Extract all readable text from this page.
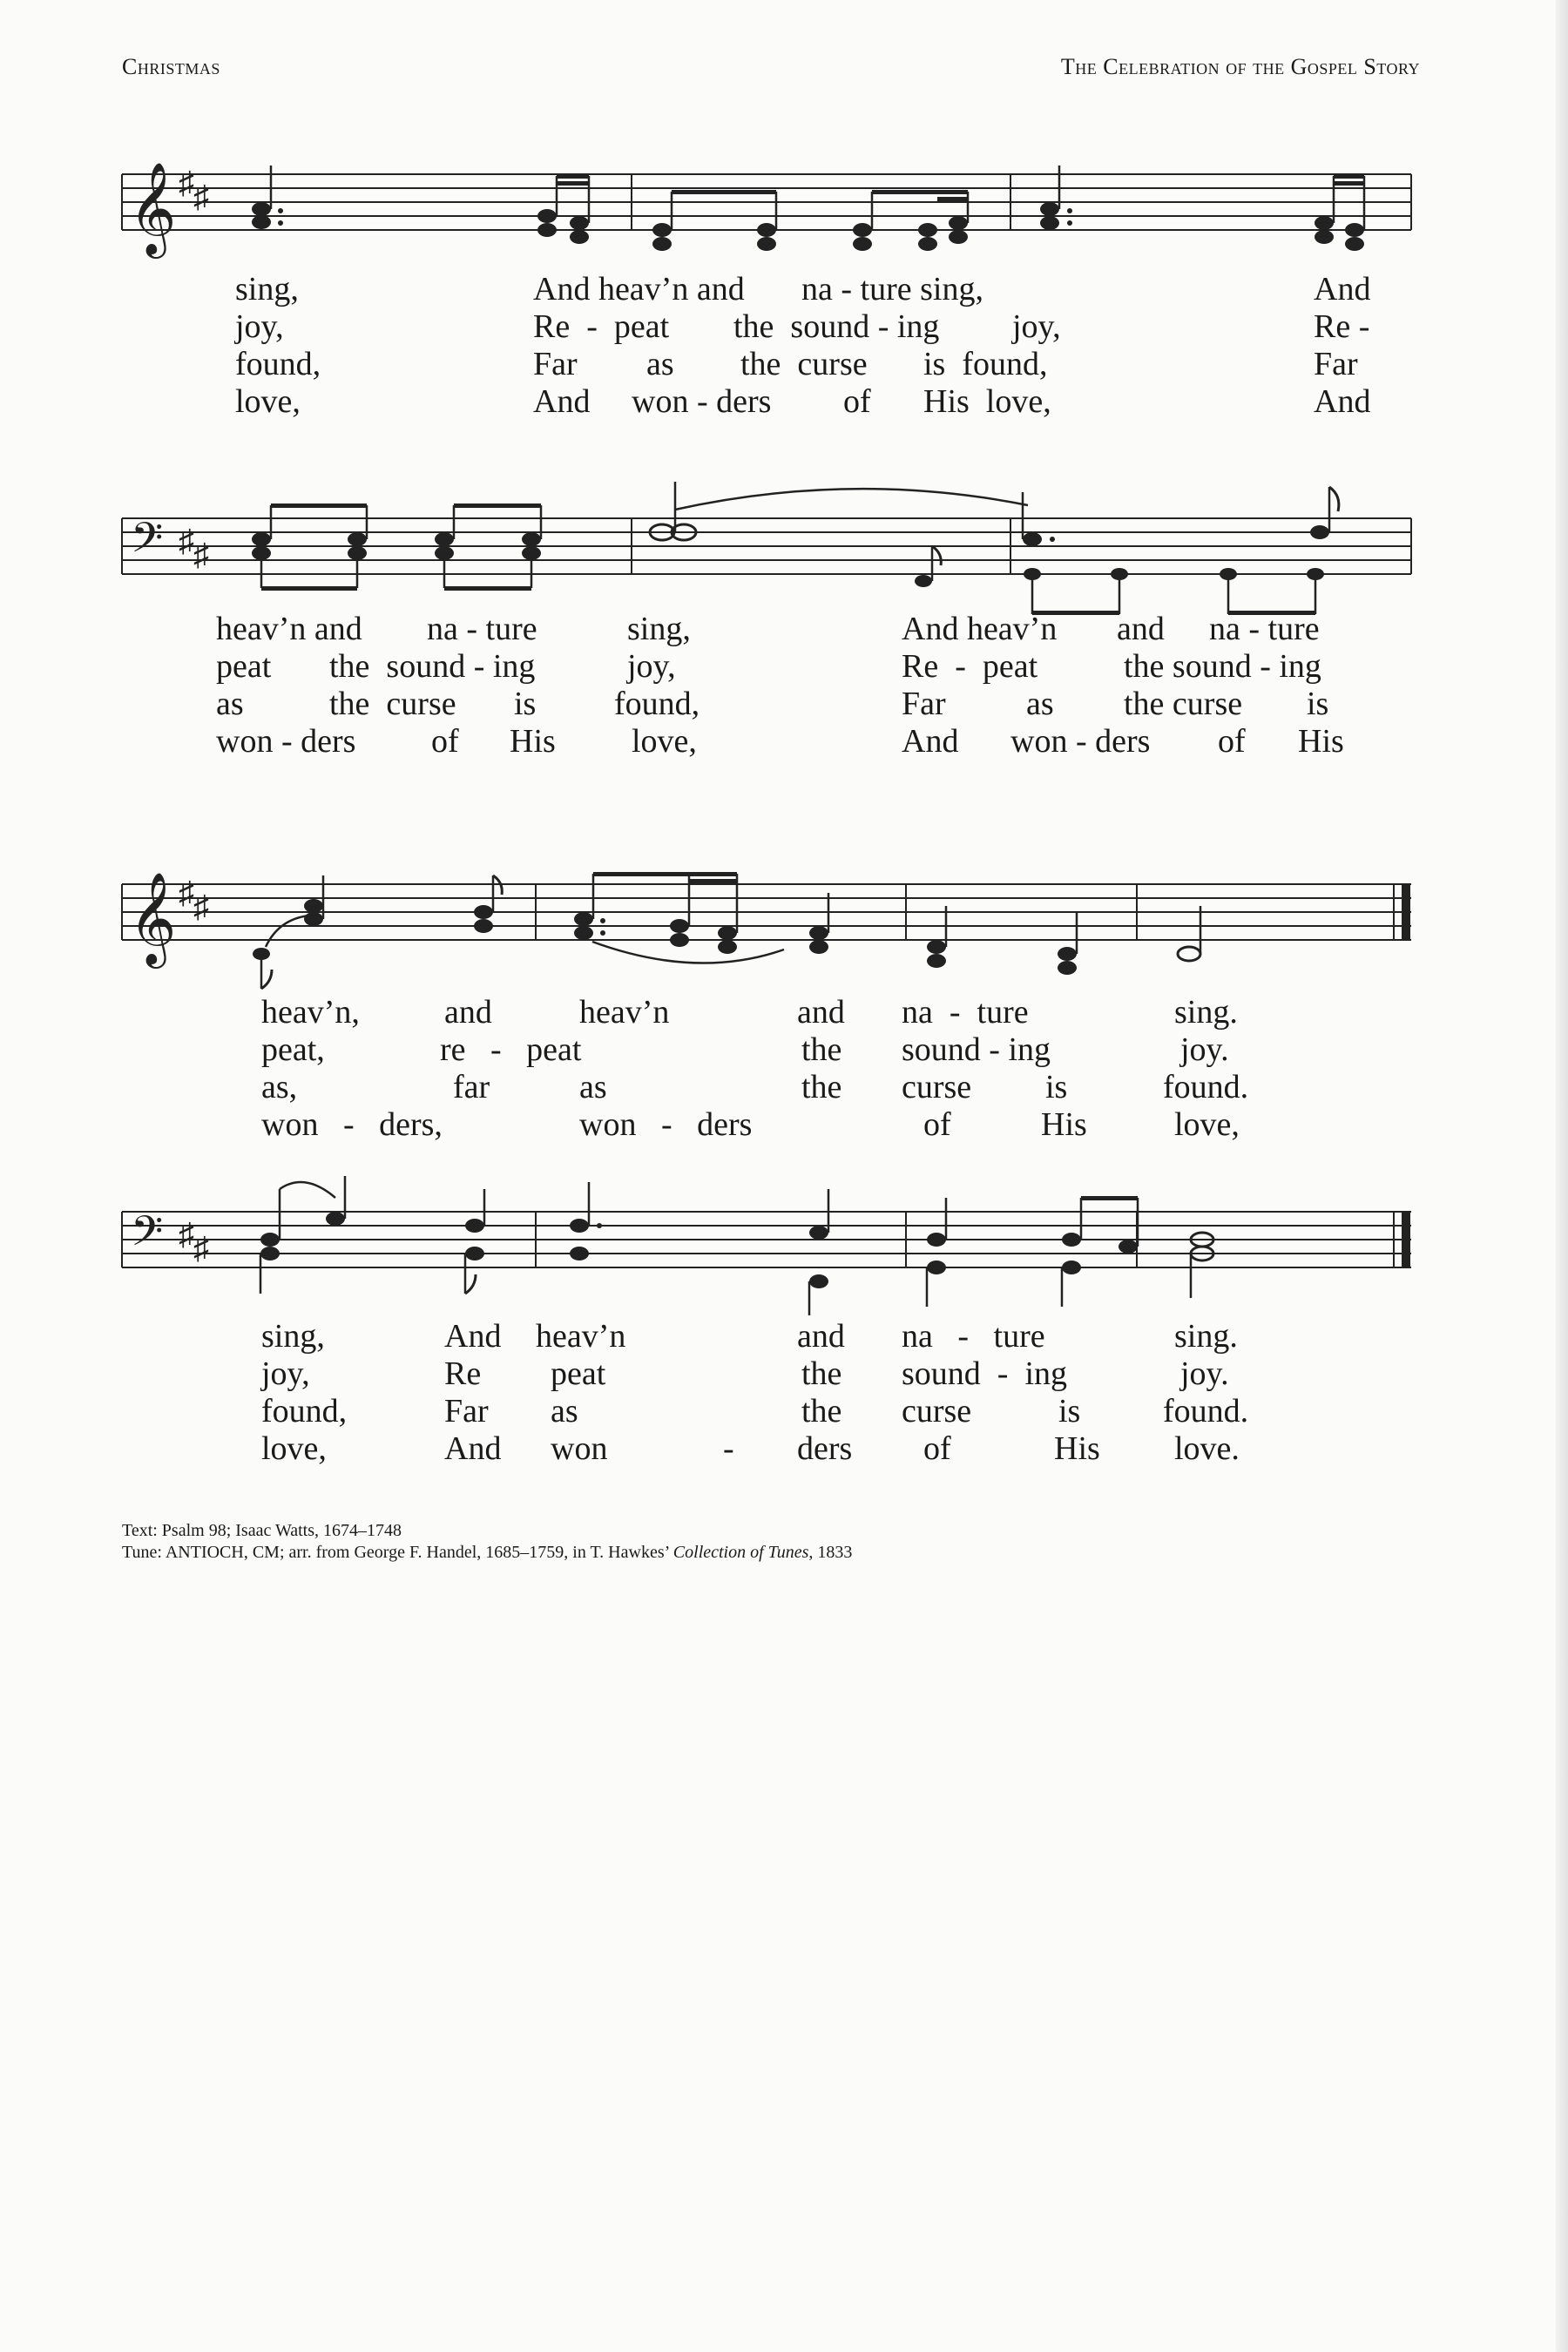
Christmas	The Celebration of the Gospel Story
𝄞 ♯ ♯
sing,	And heav’n and na - ture sing,	And
joy,	Re  -  peat the  sound - ing joy,	Re -
found,	Far as the  curse is  found,	Far
love,	And won - ders of His  love,	And
𝄢 ♯ ♯
heav’n and na - ture	sing,	And heav’n and na - ture
peat the  sound - ing	joy,	Re  -  peat	the sound - ing
as	the  curse is found,	Far as the curse is
won - ders of His love,	And won - ders of His
𝄞 ♯ ♯
heav’n,	and	heav’n	and na  -  ture	sing.
peat,	re   -   peat	the sound - ing	joy.
as,	far	as	the curse is	found.
won   -   ders,	won   -   ders	of	His	love,
𝄢 ♯ ♯
sing,	And heav’n	and na   -   ture	sing.
joy,	Re peat	the sound  -  ing	joy.
found,	Far as	the curse	is found.
love,	And won	- ders of	His love.
Text: Psalm 98; Isaac Watts, 1674–1748
Tune: ANTIOCH, CM; arr. from George F. Handel, 1685–1759, in T. Hawkes’ Collection of Tunes, 1833
